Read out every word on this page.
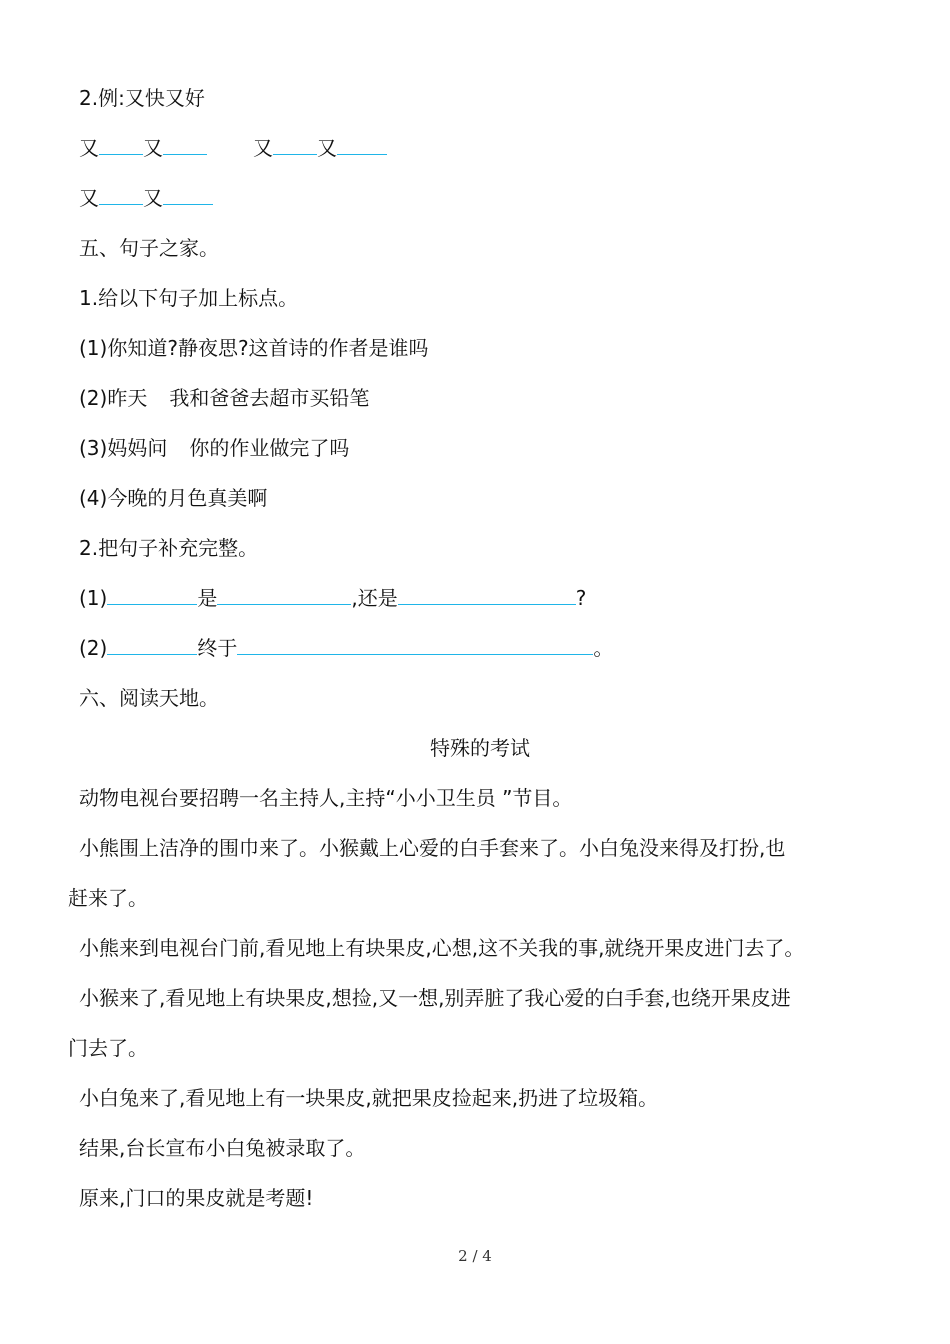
2.例:又快又好
又 又	又 又
又 又
五、句子之家。
1.给以下句子加上标点。
(1)你知道?静夜思?这首诗的作者是谁吗
(2)昨天 我和爸爸去超市买铅笔
(3)妈妈问 你的作业做完了吗
(4)今晚的月色真美啊
2.把句子补充完整。
(1)	是	,还是	?
(2)	终于	。
六、阅读天地。
特殊的考试
动物电视台要招聘一名主持人,主持“小小卫生员 ”节目。
小熊围上洁净的围巾来了。小猴戴上心爱的白手套来了。小白兔没来得及打扮,也
赶来了。
小熊来到电视台门前,看见地上有块果皮,心想,这不关我的事,就绕开果皮进门去了。
小猴来了,看见地上有块果皮,想捡,又一想,别弄脏了我心爱的白手套,也绕开果皮进
门去了。
小白兔来了,看见地上有一块果皮,就把果皮捡起来,扔进了垃圾箱。
结果,台长宣布小白兔被录取了。
原来,门口的果皮就是考题!
2 / 4
